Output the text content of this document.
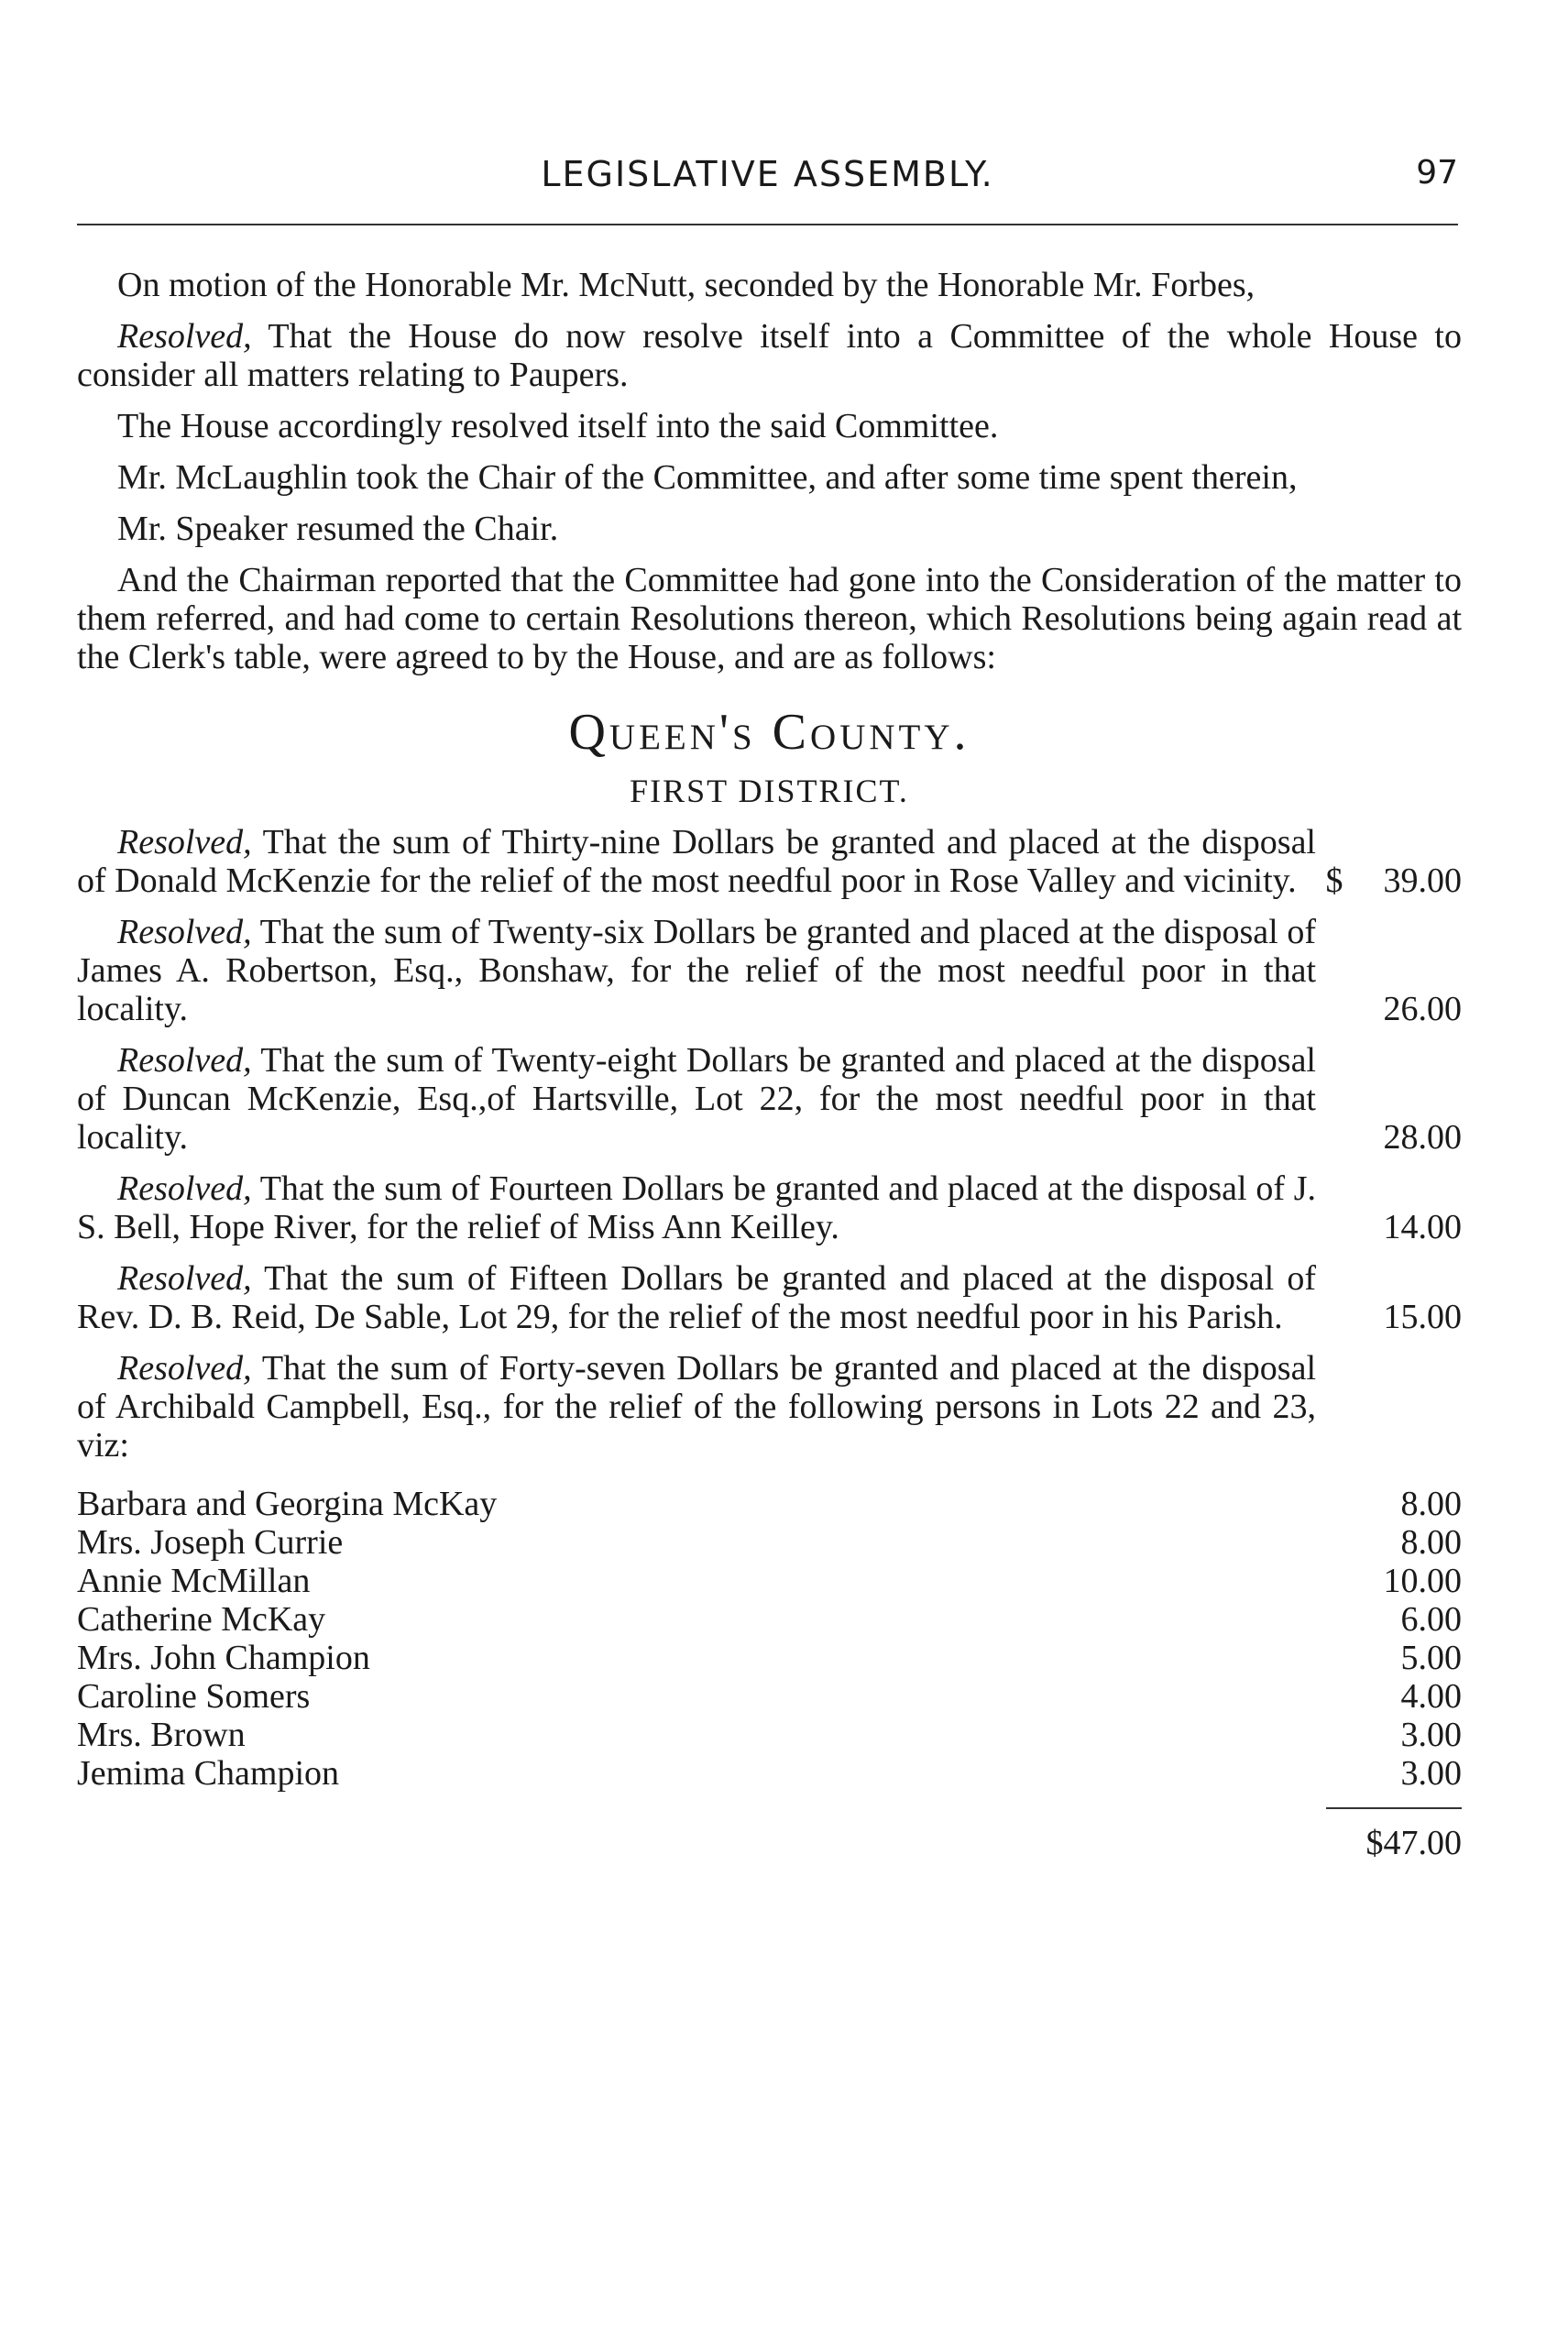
LEGISLATIVE ASSEMBLY.	97

On motion of the Honorable Mr. McNutt, seconded by the Honorable Mr. Forbes,

Resolved, That the House do now resolve itself into a Committee of the whole House to consider all matters relating to Paupers.

The House accordingly resolved itself into the said Committee.

Mr. McLaughlin took the Chair of the Committee, and after some time spent therein,

Mr. Speaker resumed the Chair.

And the Chairman reported that the Committee had gone into the Consideration of the matter to them referred, and had come to certain Resolutions thereon, which Resolutions being again read at the Clerk's table, were agreed to by the House, and are as follows:

Queen's County.
FIRST DISTRICT.
Resolved, That the sum of Thirty-nine Dollars be granted and placed at the disposal of Donald McKenzie for the relief of the most needful poor in Rose Valley and vicinity. $ 39.00
Resolved, That the sum of Twenty-six Dollars be granted and placed at the disposal of James A. Robertson, Esq., Bonshaw, for the relief of the most needful poor in that locality.	26.00
Resolved, That the sum of Twenty-eight Dollars be granted and placed at the disposal of Duncan McKenzie, Esq.,of Hartsville, Lot 22, for the most needful poor in that locality.	28.00
Resolved, That the sum of Fourteen Dollars be granted and placed at the disposal of J. S. Bell, Hope River, for the relief of Miss Ann Keilley.	14.00
Resolved, That the sum of Fifteen Dollars be granted and placed at the disposal of Rev. D. B. Reid, De Sable, Lot 29, for the relief of the most needful poor in his Parish.	15.00
Resolved, That the sum of Forty-seven Dollars be granted and placed at the disposal of Archibald Campbell, Esq., for the relief of the following persons in Lots 22 and 23, viz:
Barbara and Georgina McKay	8.00
Mrs. Joseph Currie	8.00
Annie McMillan	10.00
Catherine McKay	6.00
Mrs. John Champion	5.00
Caroline Somers	4.00
Mrs. Brown	3.00
Jemima Champion	3.00
$47.00
